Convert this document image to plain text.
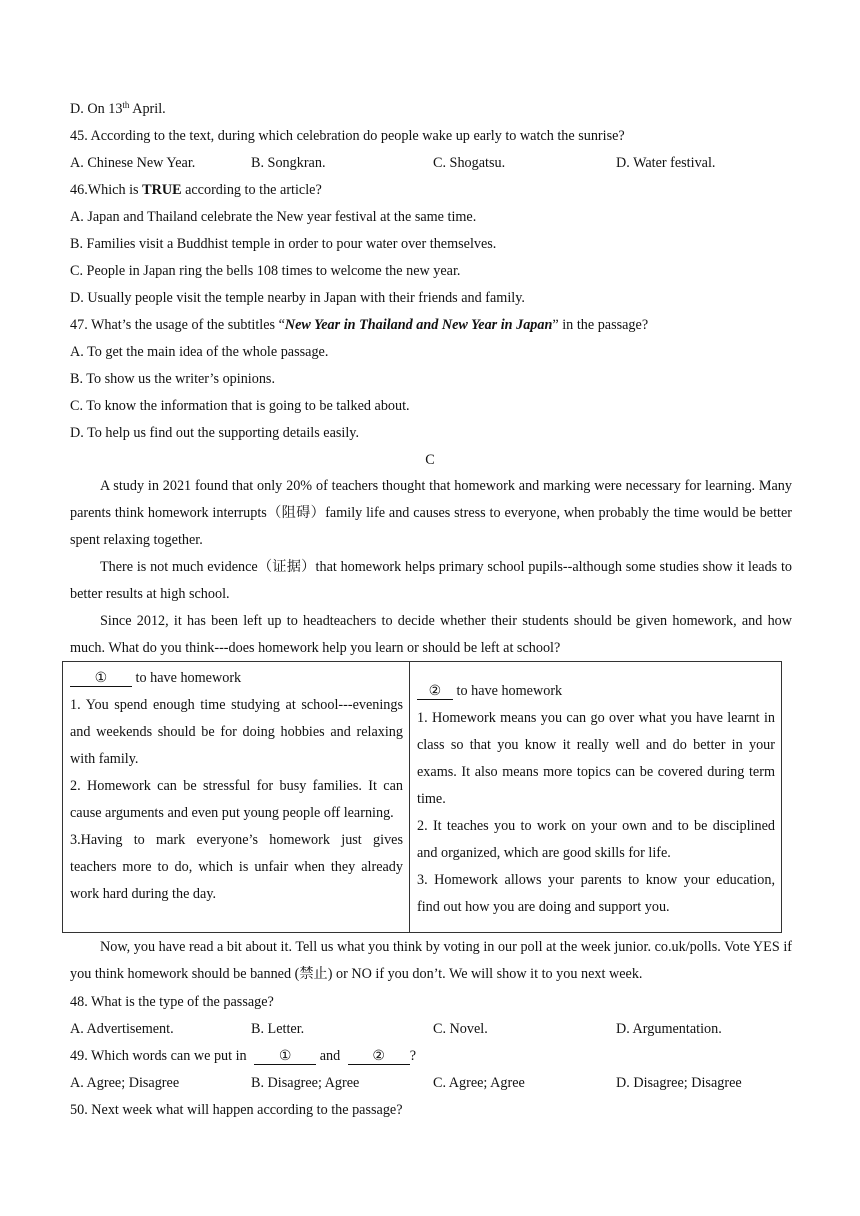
D. On 13th April.
45. According to the text, during which celebration do people wake up early to watch the sunrise?
A. Chinese New Year.	B. Songkran.	C. Shogatsu.	D. Water festival.
46.Which is TRUE according to the article?
A. Japan and Thailand celebrate the New year festival at the same time.
B. Families visit a Buddhist temple in order to pour water over themselves.
C. People in Japan ring the bells 108 times to welcome the new year.
D. Usually people visit the temple nearby in Japan with their friends and family.
47. What’s the usage of the subtitles “New Year in Thailand and New Year in Japan” in the passage?
A. To get the main idea of the whole passage.
B. To show us the writer’s opinions.
C. To know the information that is going to be talked about.
D. To help us find out the supporting details easily.
C
A study in 2021 found that only 20% of teachers thought that homework and marking were necessary for learning. Many parents think homework interrupts（阻碍）family life and causes stress to everyone, when probably the time would be better spent relaxing together.
There is not much evidence（证据）that homework helps primary school pupils--although some studies show it leads to better results at high school.
Since 2012, it has been left up to headteachers to decide whether their students should be given homework, and how much. What do you think---does homework help you learn or should be left at school?

① to have homework

1. You spend enough time studying at school---evenings and weekends should be for doing hobbies and relaxing with family.

2. Homework can be stressful for busy families. It can cause arguments and even put young people off learning.

3.Having to mark everyone’s homework just gives teachers more to do, which is unfair when they already work hard during the day.

② to have homework

1. Homework means you can go over what you have learnt in class so that you know it really well and do better in your exams. It also means more topics can be covered during term time.

2. It teaches you to work on your own and to be disciplined and organized, which are good skills for life.

3. Homework allows your parents to know your education, find out how you are doing and support you.

Now, you have read a bit about it. Tell us what you think by voting in our poll at the week junior. co.uk/polls. Vote YES if you think homework should be banned (禁止) or NO if you don’t. We will show it to you next week.
48. What is the type of the passage?
A. Advertisement.	B. Letter.	C. Novel.	D. Argumentation.
49. Which words can we put in ① and ② ?
A. Agree; Disagree	B. Disagree; Agree	C. Agree; Agree	D. Disagree; Disagree
50. Next week what will happen according to the passage?
